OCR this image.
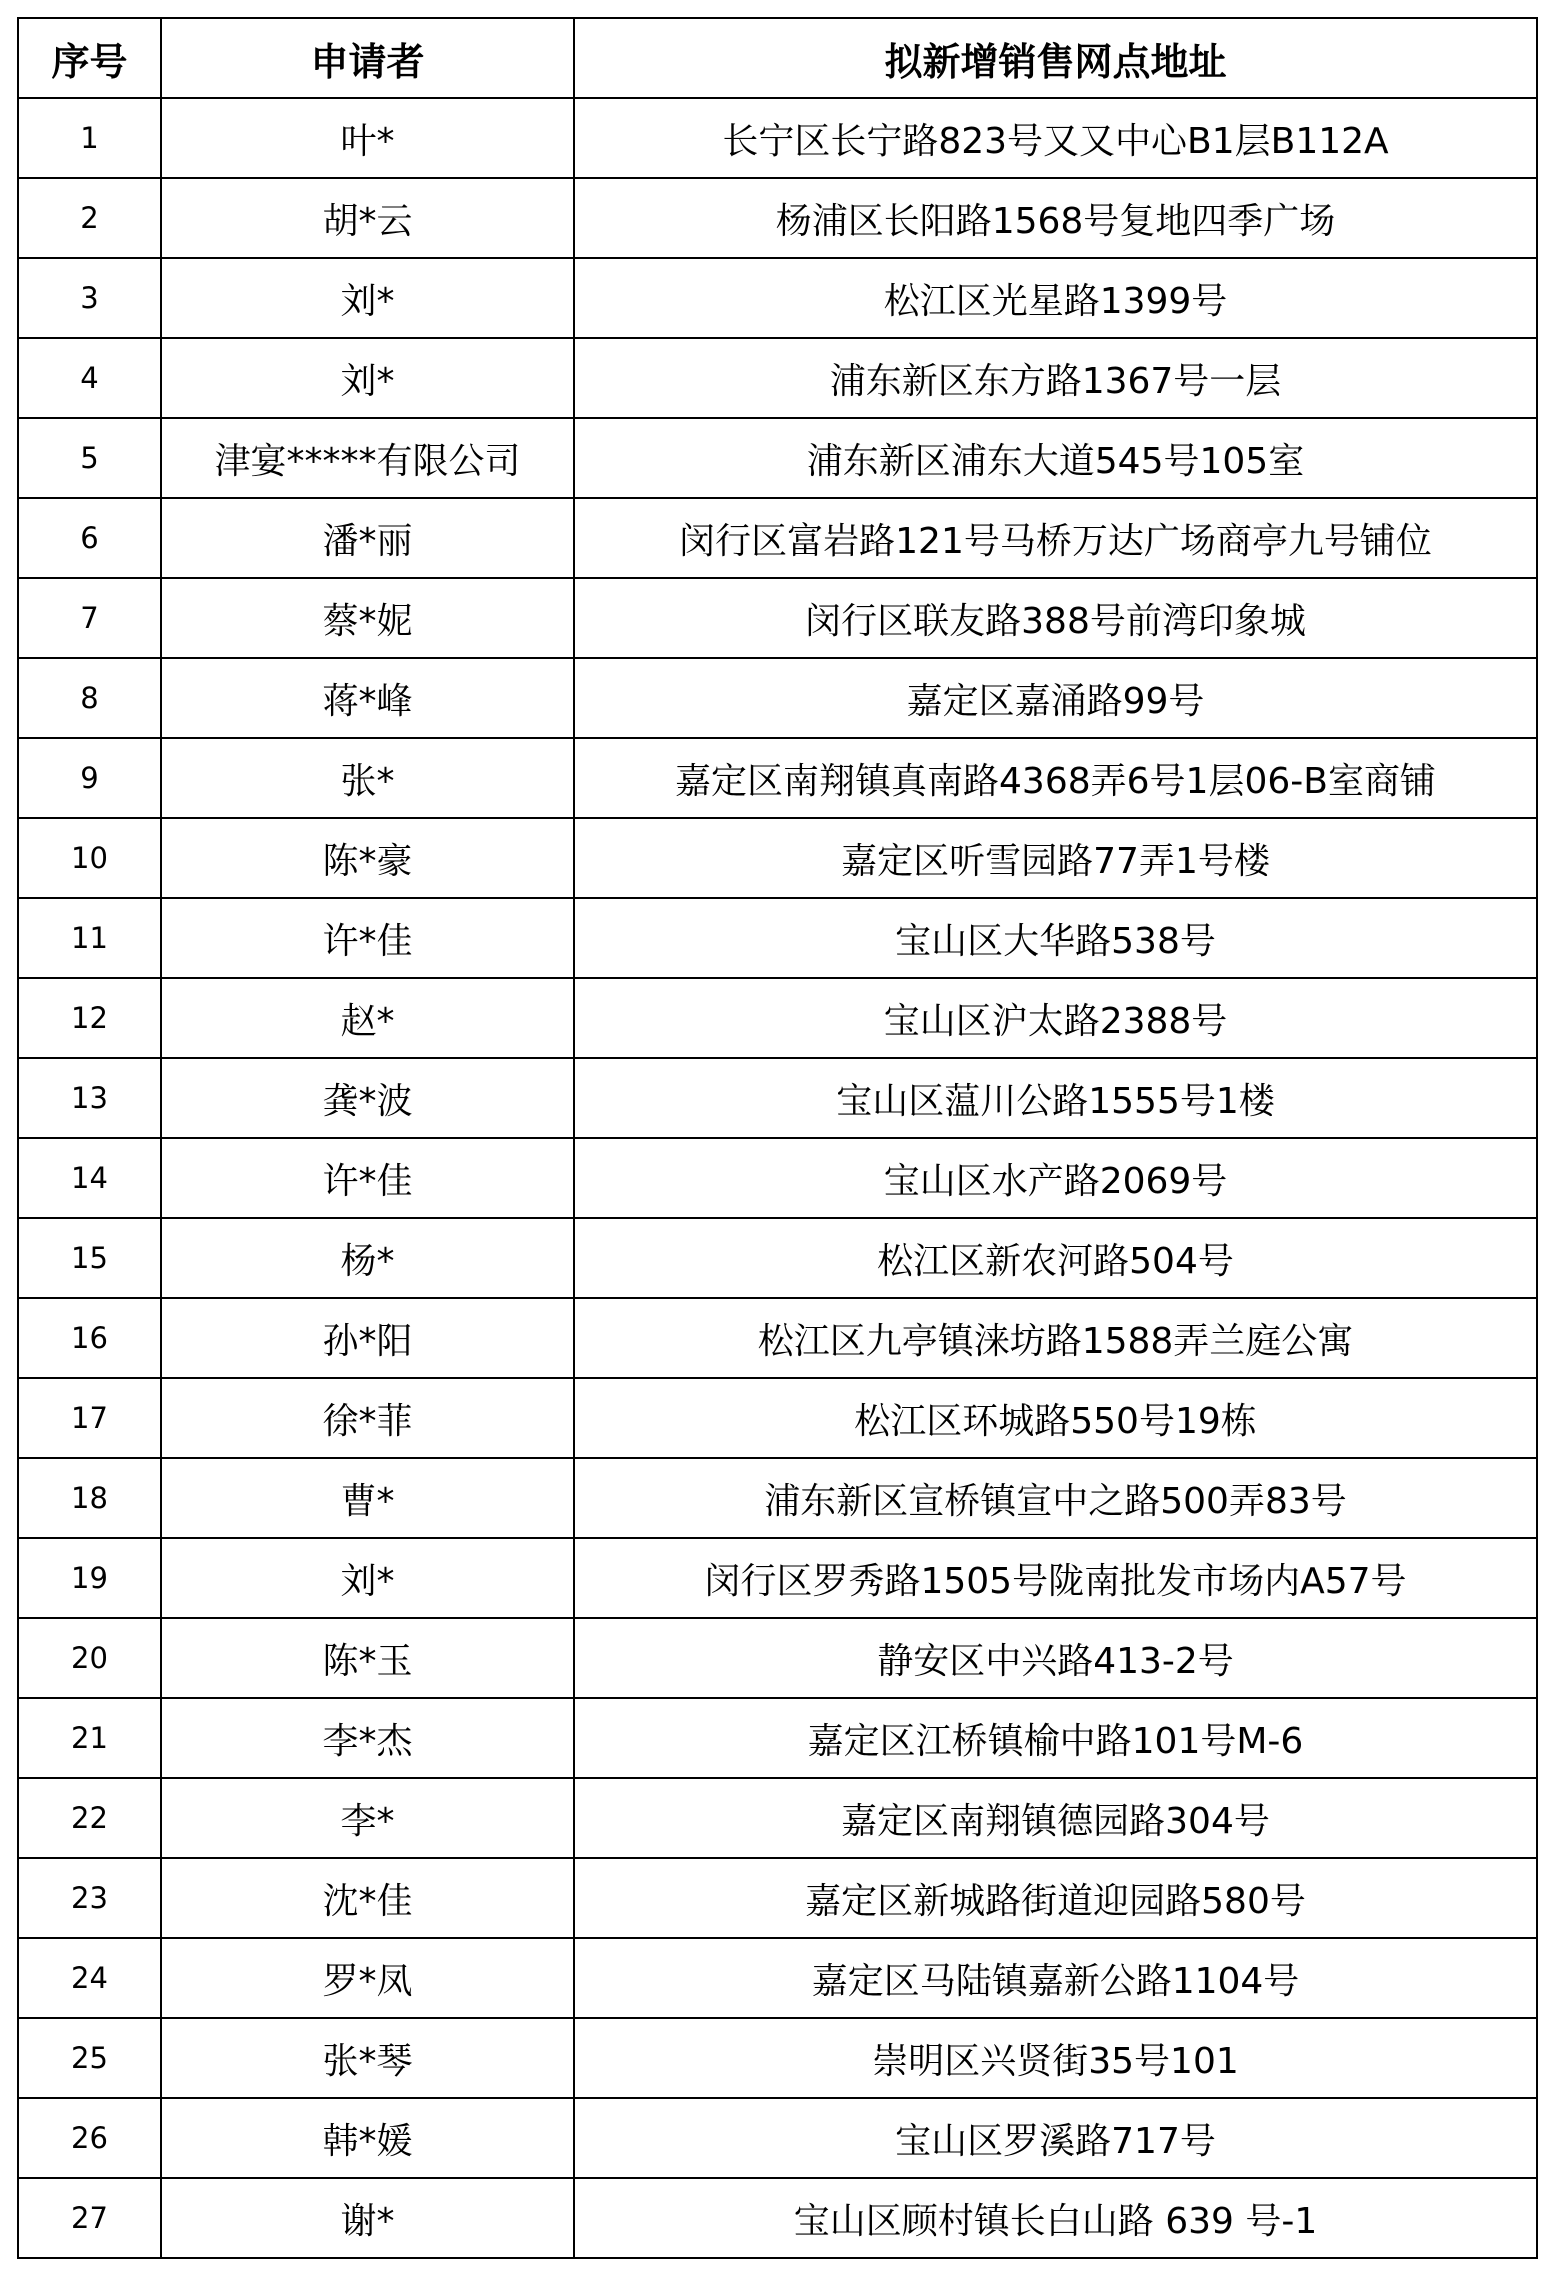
序号	申请者	拟新增销售网点地址
1	叶*	长宁区长宁路823号又又中心B1层B112A
2	胡*云	杨浦区长阳路1568号复地四季广场
3	刘*	松江区光星路1399号
4	刘*	浦东新区东方路1367号一层
5	津宴*****有限公司	浦东新区浦东大道545号105室
6	潘*丽	闵行区富岩路121号马桥万达广场商亭九号铺位
7	蔡*妮	闵行区联友路388号前湾印象城
8	蒋*峰	嘉定区嘉涌路99号
9	张*	嘉定区南翔镇真南路4368弄6号1层06-B室商铺
10	陈*豪	嘉定区听雪园路77弄1号楼
11	许*佳	宝山区大华路538号
12	赵*	宝山区沪太路2388号
13	龚*波	宝山区蕰川公路1555号1楼
14	许*佳	宝山区水产路2069号
15	杨*	松江区新农河路504号
16	孙*阳	松江区九亭镇涞坊路1588弄兰庭公寓
17	徐*菲	松江区环城路550号19栋
18	曹*	浦东新区宣桥镇宣中之路500弄83号
19	刘*	闵行区罗秀路1505号陇南批发市场内A57号
20	陈*玉	静安区中兴路413-2号
21	李*杰	嘉定区江桥镇榆中路101号M-6
22	李*	嘉定区南翔镇德园路304号
23	沈*佳	嘉定区新城路街道迎园路580号
24	罗*凤	嘉定区马陆镇嘉新公路1104号
25	张*琴	崇明区兴贤街35号101
26	韩*媛	宝山区罗溪路717号
27	谢*	宝山区顾村镇长白山路 639 号-1
